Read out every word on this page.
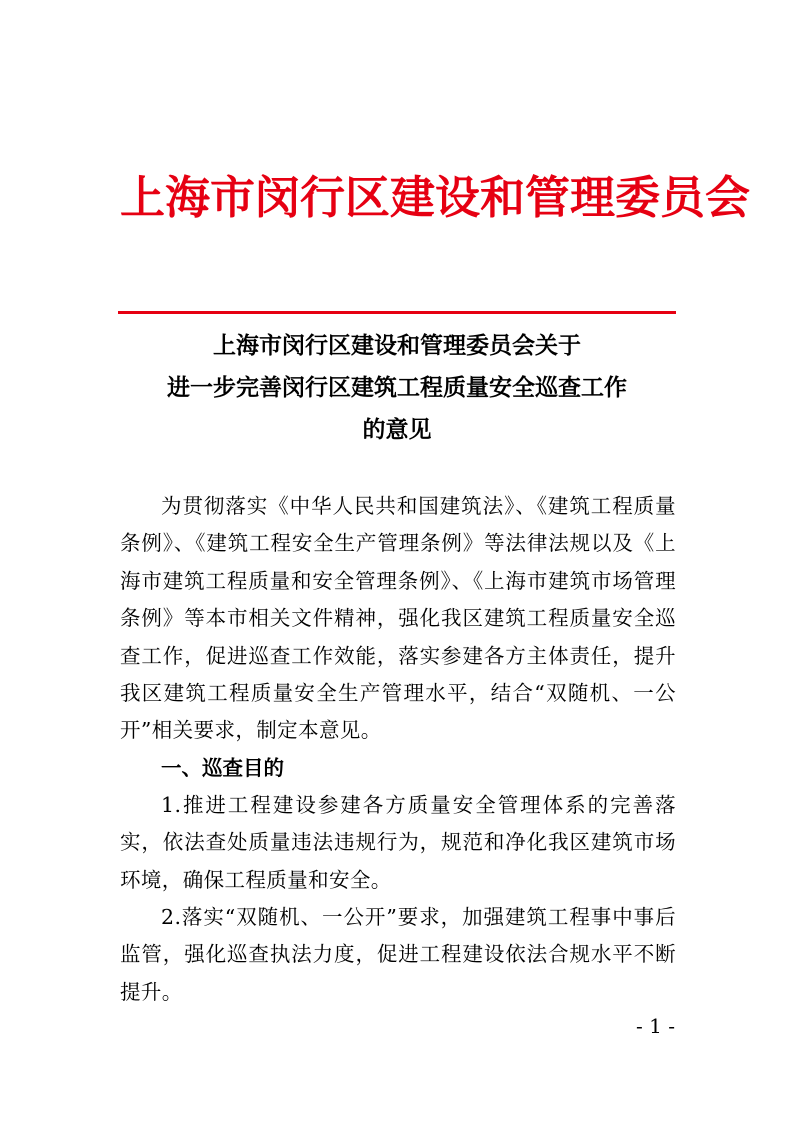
上海市闵行区建设和管理委员会
上海市闵行区建设和管理委员会关于
进一步完善闵行区建筑工程质量安全巡查工作
的意见

为贯彻落实《中华人民共和国建筑法》、《建筑工程质量条例》、《建筑工程安全生产管理条例》等法律法规以及《上海市建筑工程质量和安全管理条例》、《上海市建筑市场管理条例》等本市相关文件精神，强化我区建筑工程质量安全巡查工作，促进巡查工作效能，落实参建各方主体责任，提升我区建筑工程质量安全生产管理水平，结合“双随机、一公开”相关要求，制定本意见。

一、巡查目的

1.推进工程建设参建各方质量安全管理体系的完善落实，依法查处质量违法违规行为，规范和净化我区建筑市场环境，确保工程质量和安全。

2.落实“双随机、一公开”要求，加强建筑工程事中事后监管，强化巡查执法力度，促进工程建设依法合规水平不断提升。

- 1 -
